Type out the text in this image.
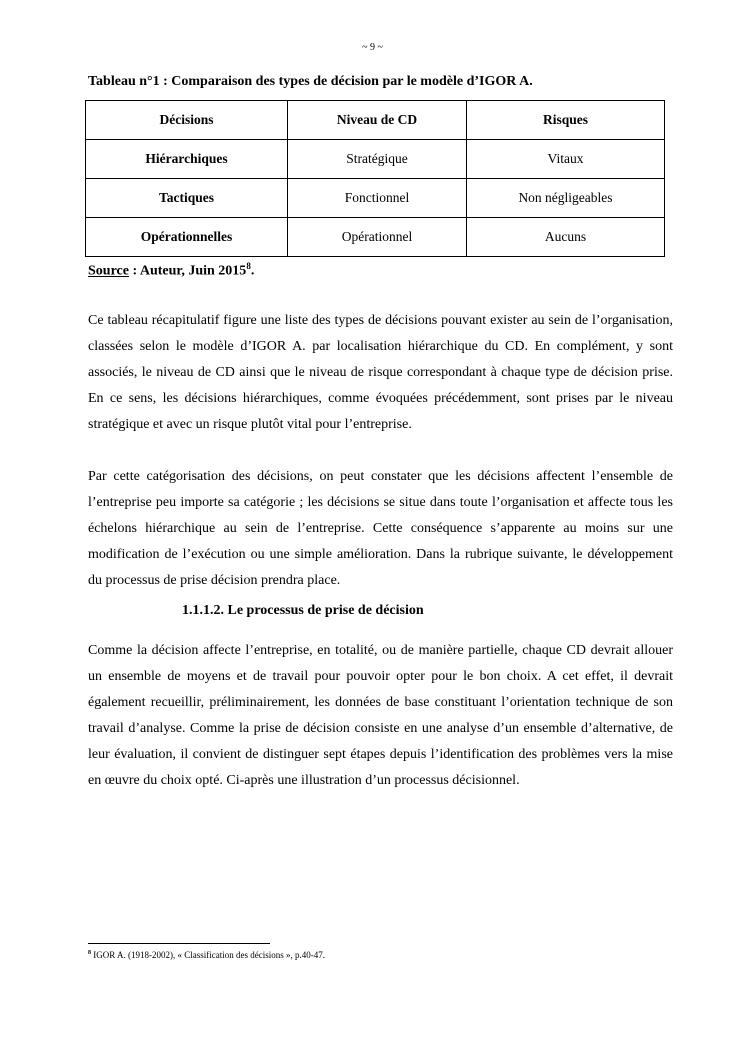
~ 9 ~
Tableau n°1 : Comparaison des types de décision par le modèle d’IGOR A.
Décisions	Niveau de CD	Risques
Hiérarchiques	Stratégique	Vitaux
Tactiques	Fonctionnel	Non négligeables
Opérationnelles	Opérationnel	Aucuns
Source : Auteur, Juin 2015$^8$.

Ce tableau récapitulatif figure une liste des types de décisions pouvant exister au sein de l’organisation, classées selon le modèle d’IGOR A. par localisation hiérarchique du CD. En complément, y sont associés, le niveau de CD ainsi que le niveau de risque correspondant à chaque type de décision prise. En ce sens, les décisions hiérarchiques, comme évoquées précédemment, sont prises par le niveau stratégique et avec un risque plutôt vital pour l’entreprise.

Par cette catégorisation des décisions, on peut constater que les décisions affectent l’ensemble de l’entreprise peu importe sa catégorie ; les décisions se situe dans toute l’organisation et affecte tous les échelons hiérarchique au sein de l’entreprise. Cette conséquence s’apparente au moins sur une modification de l’exécution ou une simple amélioration. Dans la rubrique suivante, le développement du processus de prise décision prendra place.

1.1.1.2. Le processus de prise de décision

Comme la décision affecte l’entreprise, en totalité, ou de manière partielle, chaque CD devrait allouer un ensemble de moyens et de travail pour pouvoir opter pour le bon choix. A cet effet, il devrait également recueillir, préliminairement, les données de base constituant l’orientation technique de son travail d’analyse. Comme la prise de décision consiste en une analyse d’un ensemble d’alternative, de leur évaluation, il convient de distinguer sept étapes depuis l’identification des problèmes vers la mise en œuvre du choix opté. Ci-après une illustration d’un processus décisionnel.

$^8$ IGOR A. (1918-2002), « Classification des décisions », p.40-47.
